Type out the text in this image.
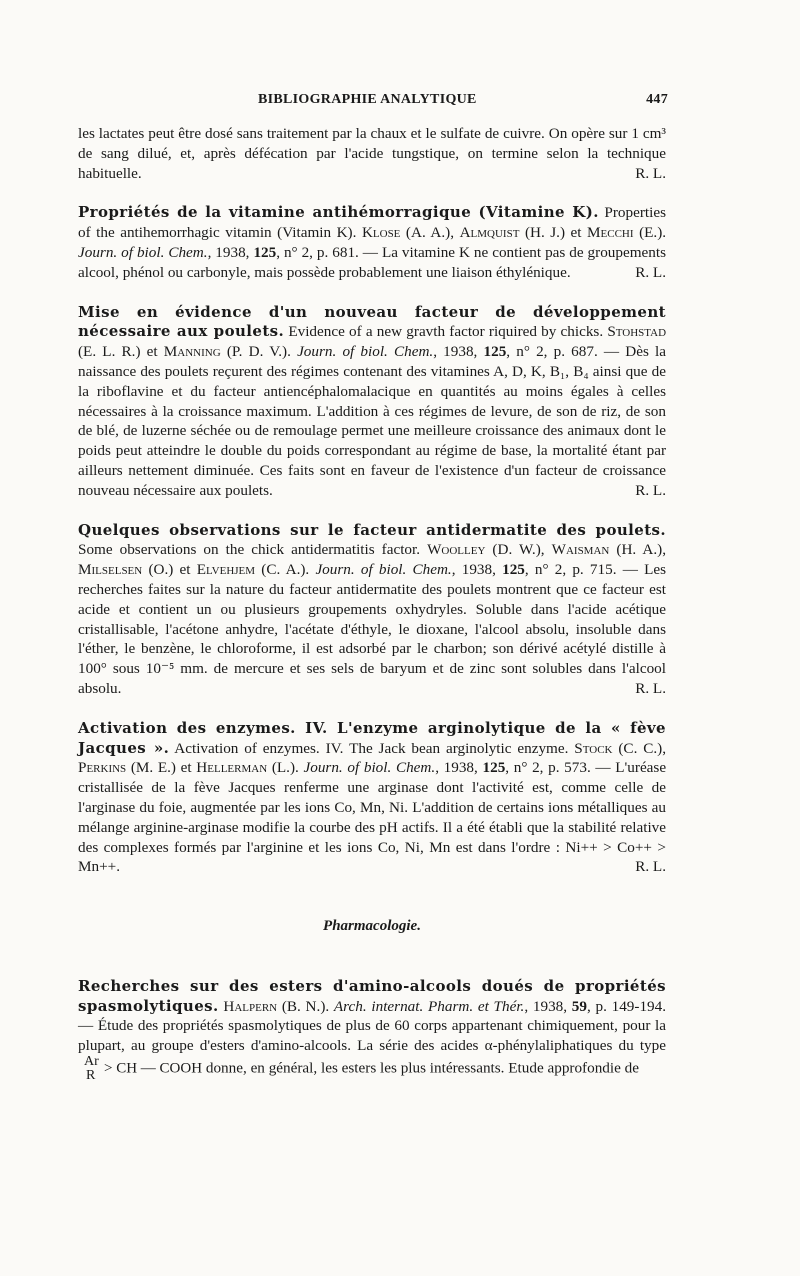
BIBLIOGRAPHIE ANALYTIQUE	447

les lactates peut être dosé sans traitement par la chaux et le sulfate de cuivre. On opère sur 1 cm³ de sang dilué, et, après défécation par l'acide tungstique, on termine selon la technique habituelle.	R. L.

Propriétés de la vitamine antihémorragique (Vitamine K). Properties of the antihemorrhagic vitamin (Vitamin K). Klose (A. A.), Almquist (H. J.) et Mecchi (E.). Journ. of biol. Chem., 1938, 125, n° 2, p. 681. — La vitamine K ne contient pas de groupements alcool, phénol ou carbonyle, mais possède probablement une liaison éthylénique.	R. L.

Mise en évidence d'un nouveau facteur de développement nécessaire aux poulets. Evidence of a new gravth factor riquired by chicks. Stohstad (E. L. R.) et Manning (P. D. V.). Journ. of biol. Chem., 1938, 125, n° 2, p. 687. — Dès la naissance des poulets reçurent des régimes contenant des vitamines A, D, K, B₁, B₄ ainsi que de la riboflavine et du facteur antiencéphalomalacique en quantités au moins égales à celles nécessaires à la croissance maximum. L'addition à ces régimes de levure, de son de riz, de son de blé, de luzerne séchée ou de remoulage permet une meilleure croissance des animaux dont le poids peut atteindre le double du poids correspondant au régime de base, la mortalité étant par ailleurs nettement diminuée. Ces faits sont en faveur de l'existence d'un facteur de croissance nouveau nécessaire aux poulets.	R. L.

Quelques observations sur le facteur antidermatite des poulets. Some observations on the chick antidermatitis factor. Woolley (D. W.), Waisman (H. A.), Milselsen (O.) et Elvehjem (C. A.). Journ. of biol. Chem., 1938, 125, n° 2, p. 715. — Les recherches faites sur la nature du facteur antidermatite des poulets montrent que ce facteur est acide et contient un ou plusieurs groupements oxhydryles. Soluble dans l'acide acétique cristallisable, l'acétone anhydre, l'acétate d'éthyle, le dioxane, l'alcool absolu, insoluble dans l'éther, le benzène, le chloroforme, il est adsorbé par le charbon; son dérivé acétylé distille à 100° sous 10⁻⁵ mm. de mercure et ses sels de baryum et de zinc sont solubles dans l'alcool absolu.	R. L.

Activation des enzymes. IV. L'enzyme arginolytique de la « fève Jacques ». Activation of enzymes. IV. The Jack bean arginolytic enzyme. Stock (C. C.), Perkins (M. E.) et Hellerman (L.). Journ. of biol. Chem., 1938, 125, n° 2, p. 573. — L'uréase cristallisée de la fève Jacques renferme une arginase dont l'activité est, comme celle de l'arginase du foie, augmentée par les ions Co, Mn, Ni. L'addition de certains ions métalliques au mélange arginine-arginase modifie la courbe des pH actifs. Il a été établi que la stabilité relative des complexes formés par l'arginine et les ions Co, Ni, Mn est dans l'ordre : Ni++ > Co++ > Mn++.	R. L.

Pharmacologie.

Recherches sur des esters d'amino-alcools doués de propriétés spasmolytiques. Halpern (B. N.). Arch. internat. Pharm. et Thér., 1938, 59, p. 149-194. — Étude des propriétés spasmolytiques de plus de 60 corps appartenant chimiquement, pour la plupart, au groupe d'esters d'amino-alcools. La série des acides α-phénylaliphatiques du type
Ar
R > CH — COOH donne, en général, les esters les plus intéressants. Etude approfondie de
